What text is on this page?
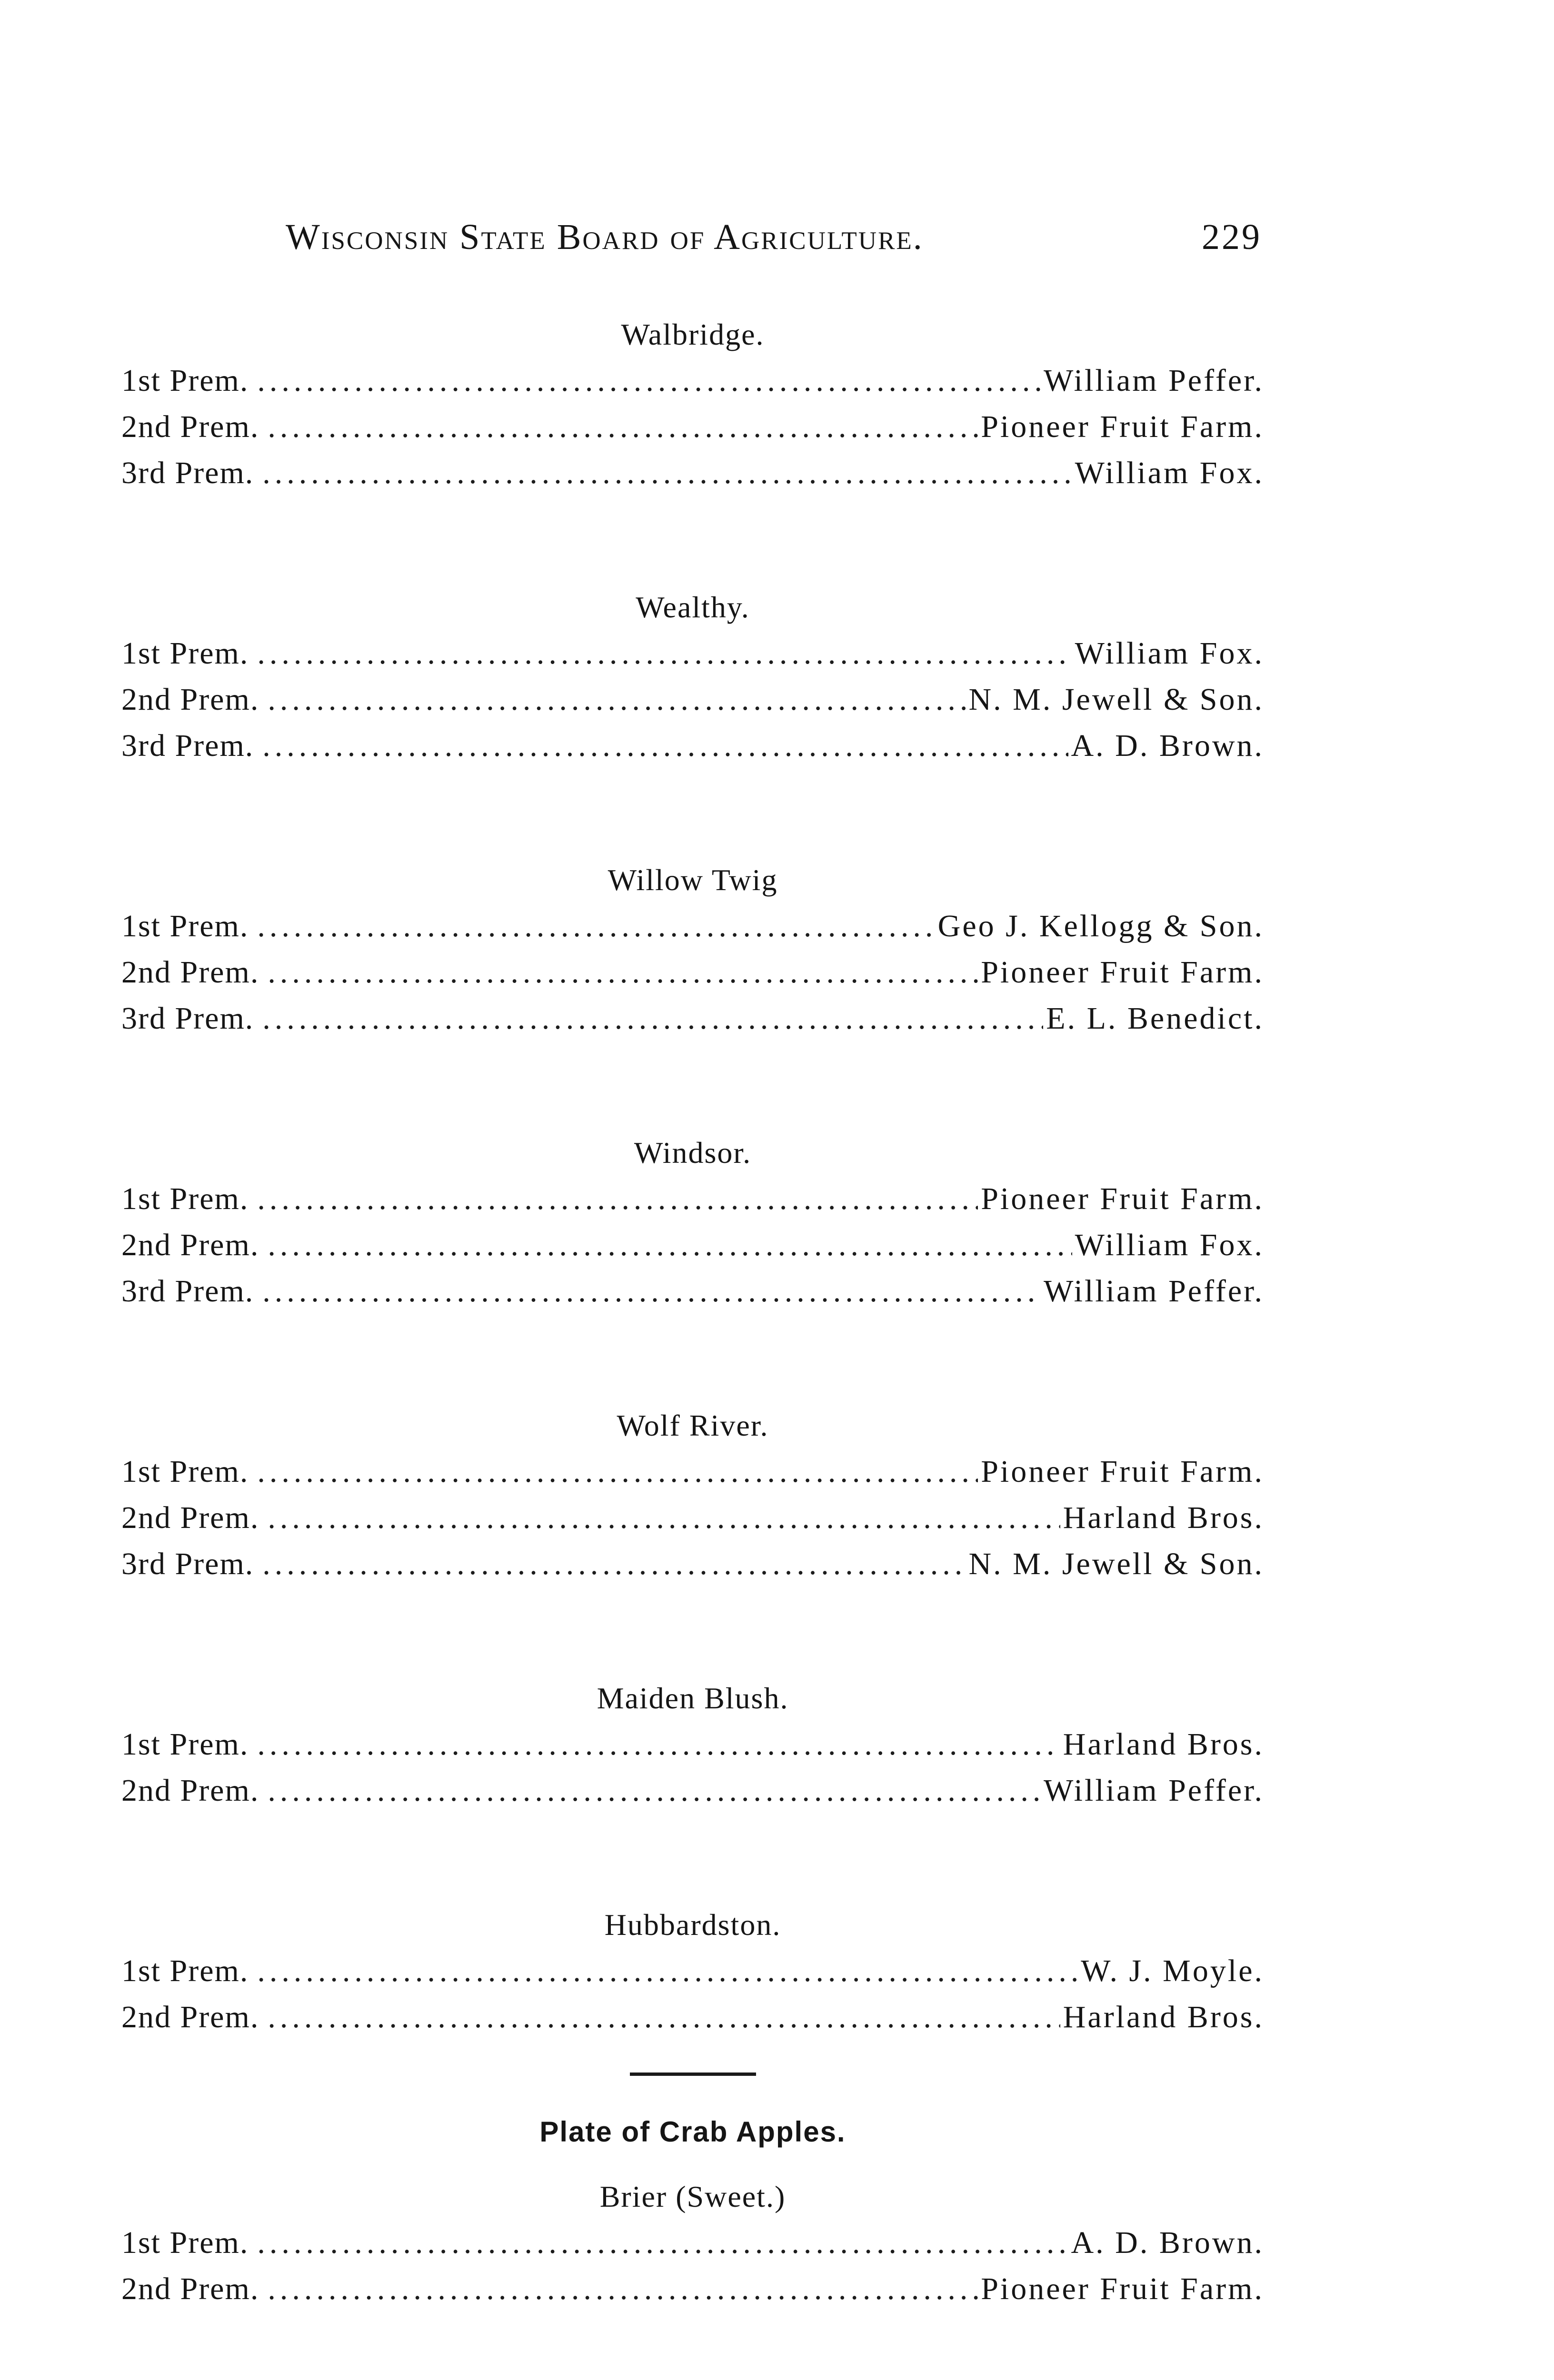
Wisconsin State Board of Agriculture.	229
Walbridge.
1st Prem. .....	William Peffer.
2nd Prem. .....	Pioneer Fruit Farm.
3rd Prem. .....	William Fox.
Wealthy.
1st Prem. .....	William Fox.
2nd Prem. .....	N. M. Jewell & Son.
3rd Prem. .....	A. D. Brown.
Willow Twig
1st Prem. .....	Geo J. Kellogg & Son.
2nd Prem. .....	Pioneer Fruit Farm.
3rd Prem. .....	E. L. Benedict.
Windsor.
1st Prem. .....	Pioneer Fruit Farm.
2nd Prem. .....	William Fox.
3rd Prem. .....	William Peffer.
Wolf River.
1st Prem. .....	Pioneer Fruit Farm.
2nd Prem. .....	Harland Bros.
3rd Prem. .....	N. M. Jewell & Son.
Maiden Blush.
1st Prem. .....	Harland Bros.
2nd Prem. .....	William Peffer.
Hubbardston.
1st Prem. .....	W. J. Moyle.
2nd Prem. .....	Harland Bros.
Plate of Crab Apples.
Brier (Sweet.)
1st Prem. .....	A. D. Brown.
2nd Prem. .....	Pioneer Fruit Farm.
